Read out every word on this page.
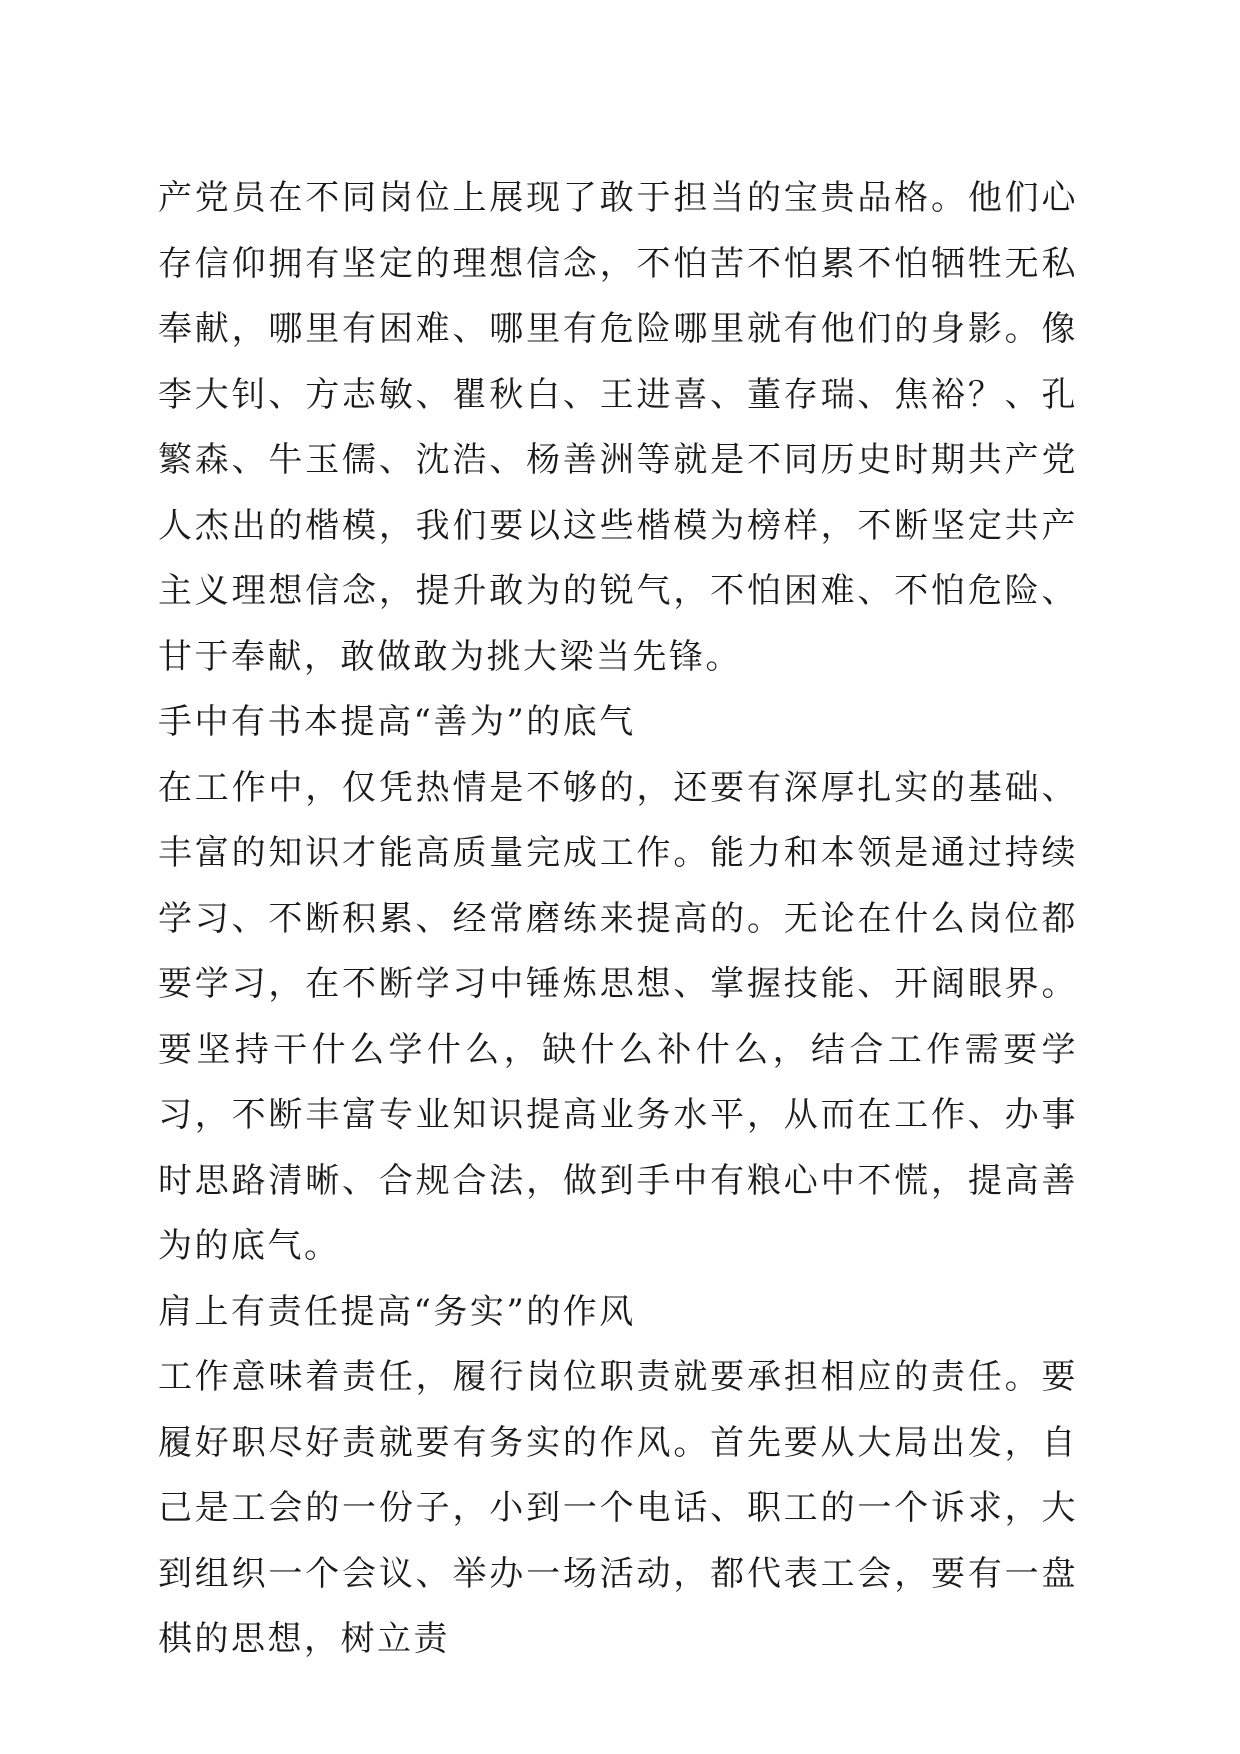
产党员在不同岗位上展现了敢于担当的宝贵品格。他们心存信仰拥有坚定的理想信念，不怕苦不怕累不怕牺牲无私奉献，哪里有困难、哪里有危险哪里就有他们的身影。像李大钊、方志敏、瞿秋白、王进喜、董存瑞、焦裕？、孔繁森、牛玉儒、沈浩、杨善洲等就是不同历史时期共产党人杰出的楷模，我们要以这些楷模为榜样，不断坚定共产主义理想信念，提升敢为的锐气，不怕困难、不怕危险、甘于奉献，敢做敢为挑大梁当先锋。

手中有书本提高“善为”的底气

在工作中，仅凭热情是不够的，还要有深厚扎实的基础、丰富的知识才能高质量完成工作。能力和本领是通过持续学习、不断积累、经常磨练来提高的。无论在什么岗位都要学习，在不断学习中锤炼思想、掌握技能、开阔眼界。要坚持干什么学什么，缺什么补什么，结合工作需要学习，不断丰富专业知识提高业务水平，从而在工作、办事时思路清晰、合规合法，做到手中有粮心中不慌，提高善为的底气。

肩上有责任提高“务实”的作风

工作意味着责任，履行岗位职责就要承担相应的责任。要履好职尽好责就要有务实的作风。首先要从大局出发，自己是工会的一份子，小到一个电话、职工的一个诉求，大到组织一个会议、举办一场活动，都代表工会，要有一盘棋的思想，树立责
